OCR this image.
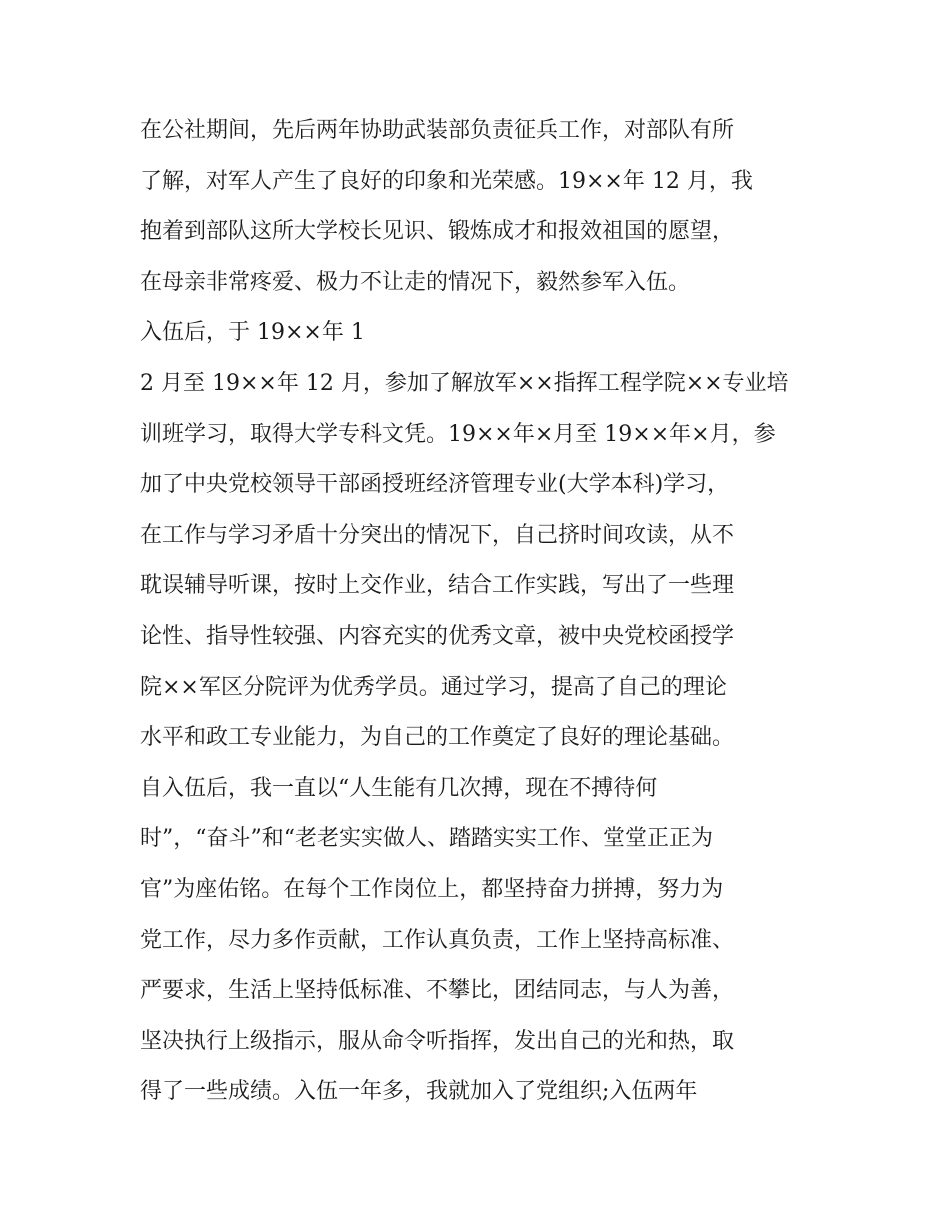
在公社期间，先后两年协助武装部负责征兵工作，对部队有所
了解，对军人产生了良好的印象和光荣感。19××年 12 月，我
抱着到部队这所大学校长见识、锻炼成才和报效祖国的愿望，
在母亲非常疼爱、极力不让走的情况下，毅然参军入伍。
入伍后，于 19××年 1
2 月至 19××年 12 月，参加了解放军××指挥工程学院××专业培
训班学习，取得大学专科文凭。19××年×月至 19××年×月，参
加了中央党校领导干部函授班经济管理专业(大学本科)学习，
在工作与学习矛盾十分突出的情况下，自己挤时间攻读，从不
耽误辅导听课，按时上交作业，结合工作实践，写出了一些理
论性、指导性较强、内容充实的优秀文章，被中央党校函授学
院××军区分院评为优秀学员。通过学习，提高了自己的理论
水平和政工专业能力，为自己的工作奠定了良好的理论基础。
自入伍后，我一直以“人生能有几次搏，现在不搏待何
时”，“奋斗”和“老老实实做人、踏踏实实工作、堂堂正正为
官”为座佑铭。在每个工作岗位上，都坚持奋力拼搏，努力为
党工作，尽力多作贡献，工作认真负责，工作上坚持高标准、
严要求，生活上坚持低标准、不攀比，团结同志，与人为善，
坚决执行上级指示，服从命令听指挥，发出自己的光和热，取
得了一些成绩。入伍一年多，我就加入了党组织;入伍两年
